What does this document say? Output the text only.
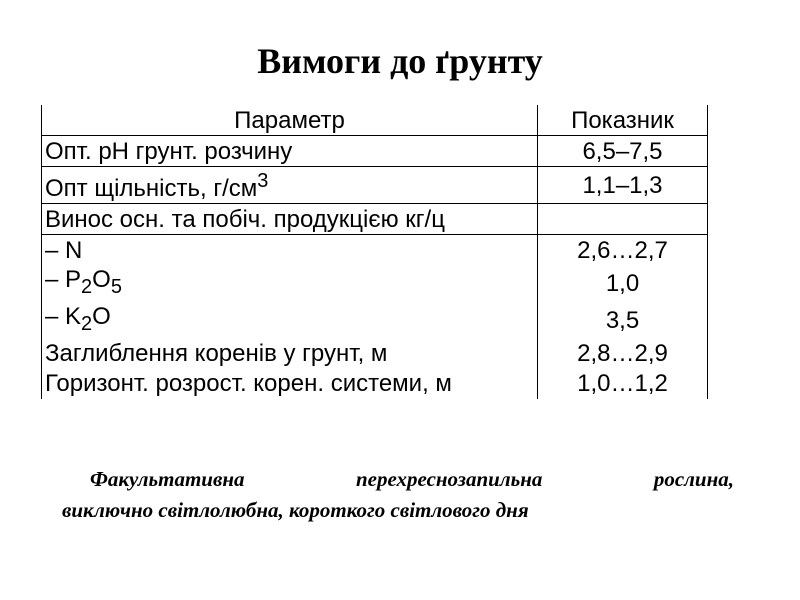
Вимоги до ґрунту
Параметр	Показник
Опт. рН грунт. розчину	6,5–7,5
Опт щільність, $г/см^3$	1,1–1,3
Винос осн. та побіч. продукцією кг/ц	
– N	2,6…2,7
– $P_2O_5$	1,0
– $K_2O$	3,5
Заглиблення коренів у грунт, м	2,8…2,9
Горизонт. розрост. корен. системи, м	1,0…1,2

Факультативна перехреснозапильна рослина,
виключно світлолюбна, короткого світлового дня
